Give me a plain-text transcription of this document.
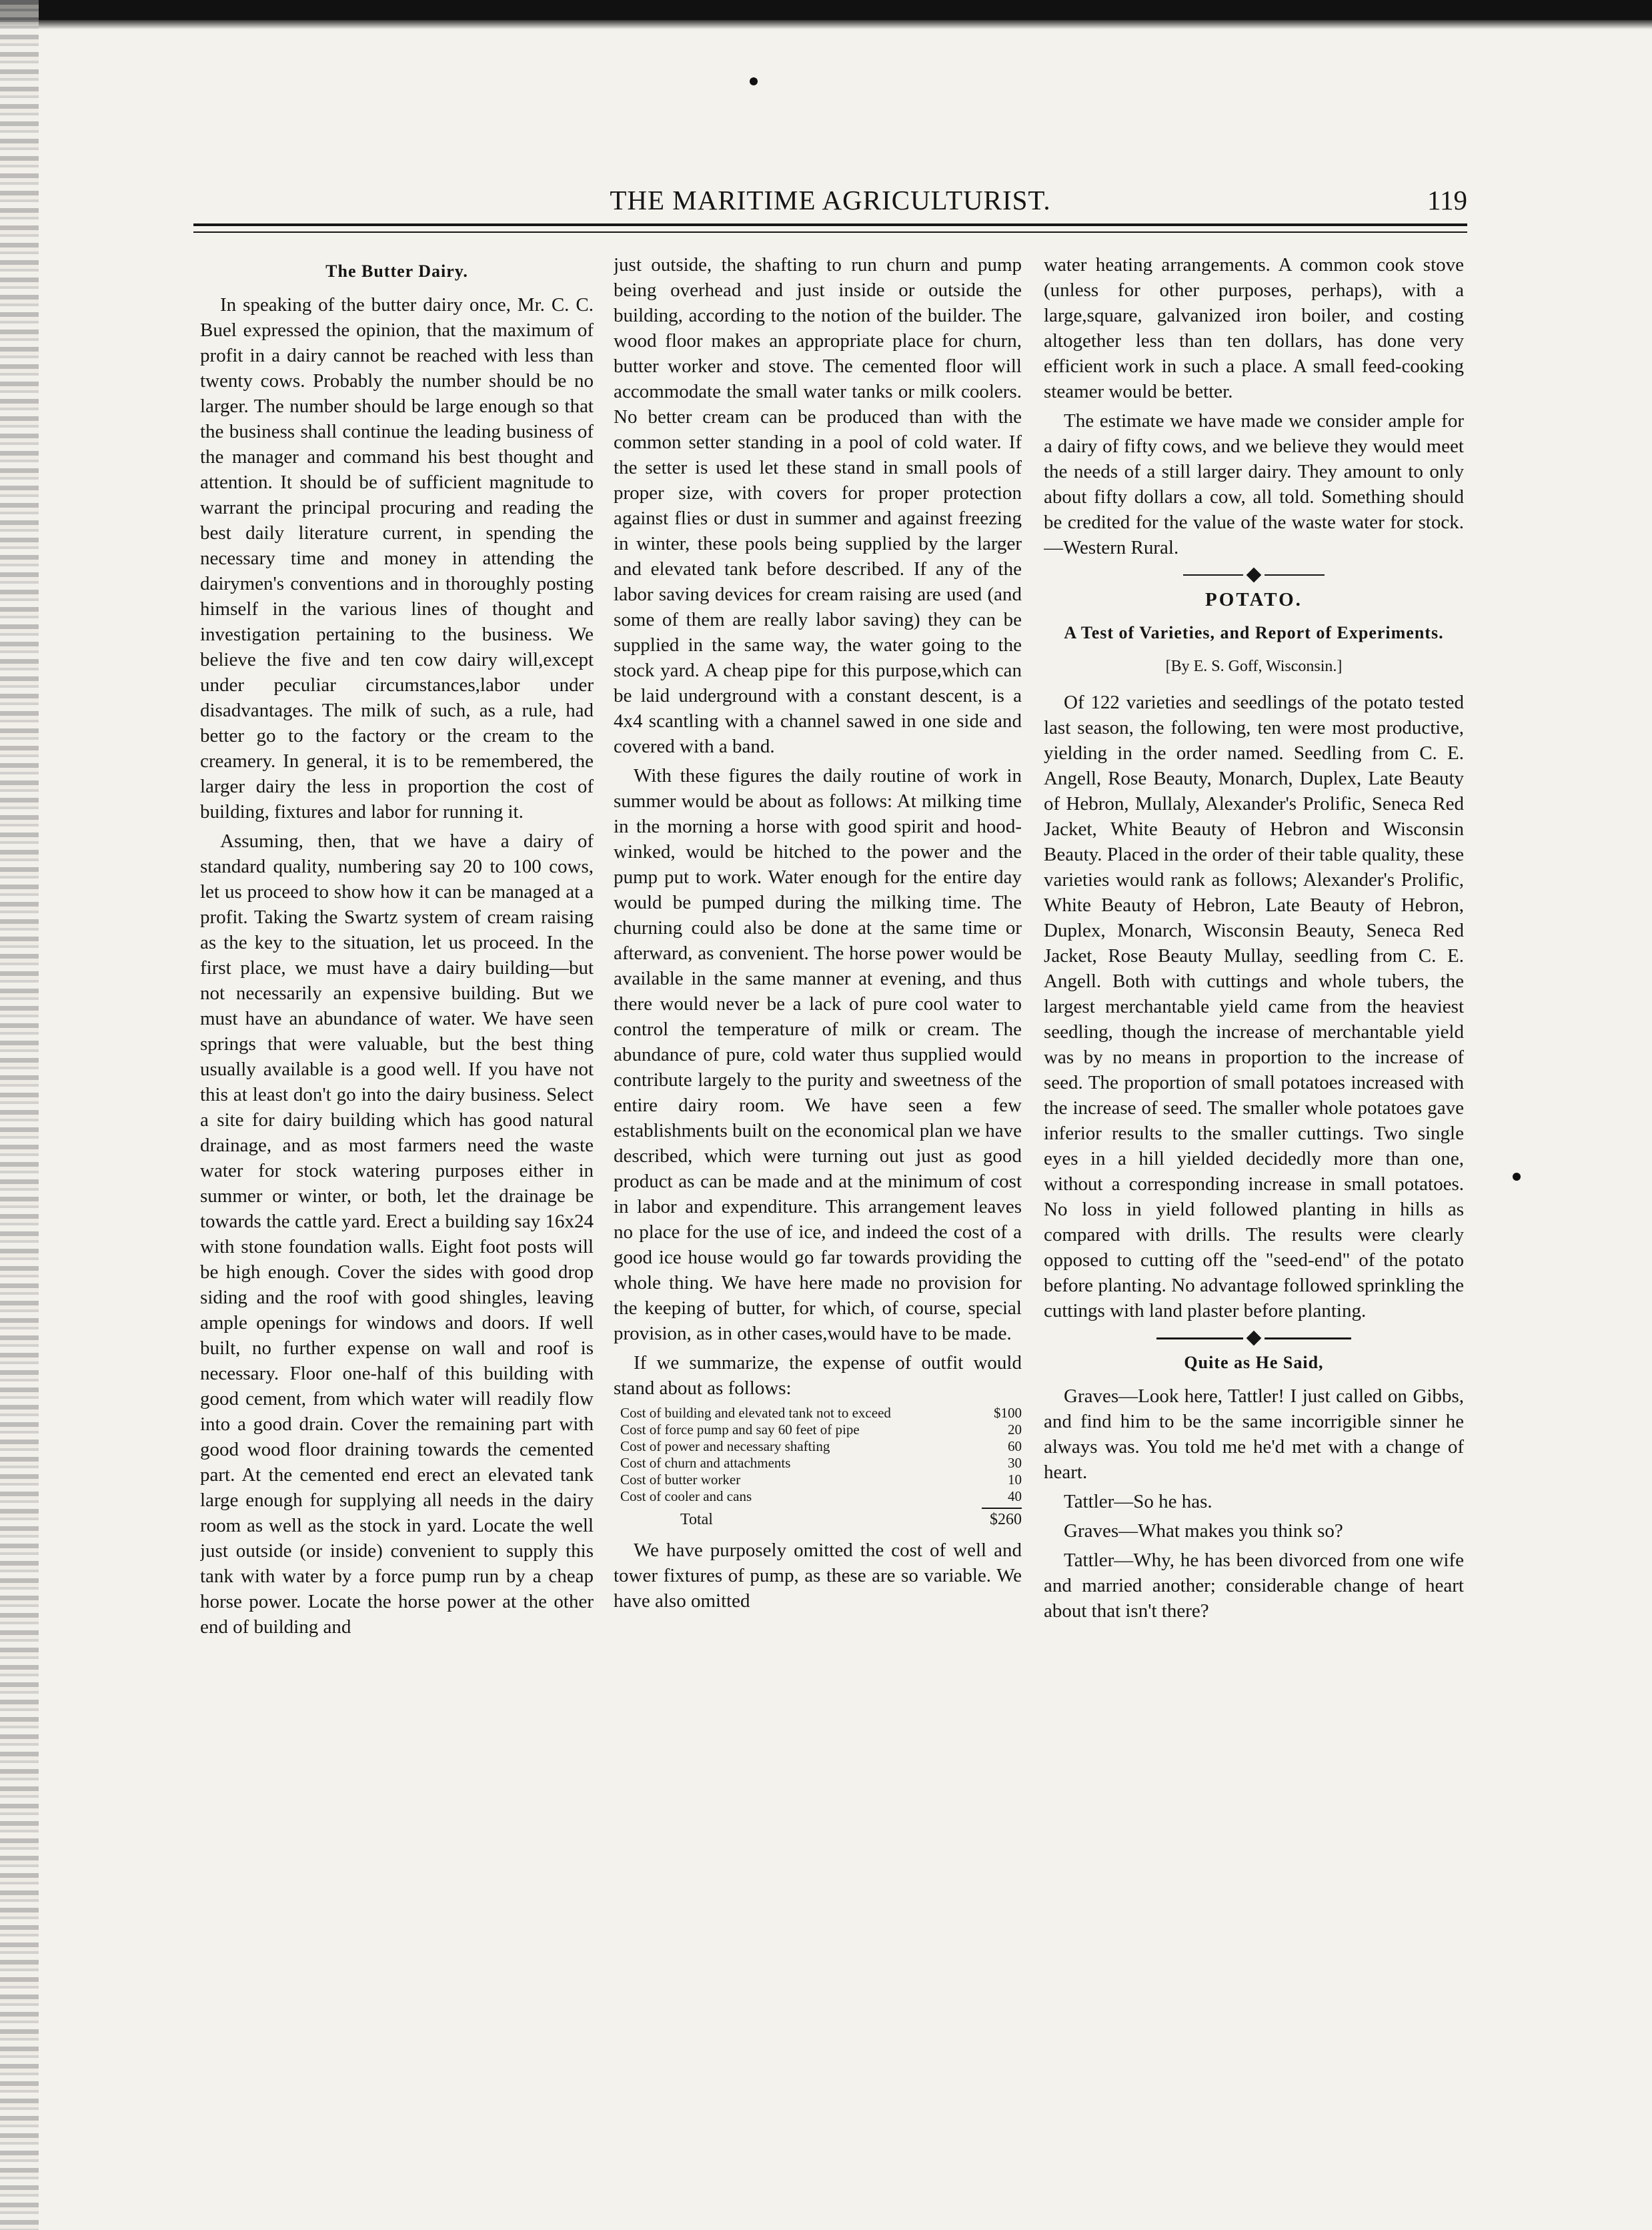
THE MARITIME AGRICULTURIST.	119
The Butter Dairy.

In speaking of the butter dairy once, Mr. C. C. Buel expressed the opinion, that the maximum of profit in a dairy cannot be reached with less than twenty cows. Probably the number should be no larger. The number should be large enough so that the business shall continue the leading business of the manager and command his best thought and attention. It should be of sufficient magnitude to warrant the principal procuring and reading the best daily literature current, in spending the necessary time and money in attending the dairymen's conventions and in thoroughly posting himself in the various lines of thought and investigation pertaining to the business. We believe the five and ten cow dairy will,except under peculiar circumstances,labor under disadvantages. The milk of such, as a rule, had better go to the factory or the cream to the creamery. In general, it is to be remembered, the larger dairy the less in proportion the cost of building, fixtures and labor for running it.

Assuming, then, that we have a dairy of standard quality, numbering say 20 to 100 cows, let us proceed to show how it can be managed at a profit. Taking the Swartz system of cream raising as the key to the situation, let us proceed. In the first place, we must have a dairy building—but not necessarily an expensive building. But we must have an abundance of water. We have seen springs that were valuable, but the best thing usually available is a good well. If you have not this at least don't go into the dairy business. Select a site for dairy building which has good natural drainage, and as most farmers need the waste water for stock watering purposes either in summer or winter, or both, let the drainage be towards the cattle yard. Erect a building say 16x24 with stone foundation walls. Eight foot posts will be high enough. Cover the sides with good drop siding and the roof with good shingles, leaving ample openings for windows and doors. If well built, no further expense on wall and roof is necessary. Floor one-half of this building with good cement, from which water will readily flow into a good drain. Cover the remaining part with good wood floor draining towards the cemented part. At the cemented end erect an elevated tank large enough for supplying all needs in the dairy room as well as the stock in yard. Locate the well just outside (or inside) convenient to supply this tank with water by a force pump run by a cheap horse power. Locate the horse power at the other end of building and

just outside, the shafting to run churn and pump being overhead and just inside or outside the building, according to the notion of the builder. The wood floor makes an appropriate place for churn, butter worker and stove. The cemented floor will accommodate the small water tanks or milk coolers. No better cream can be produced than with the common setter standing in a pool of cold water. If the setter is used let these stand in small pools of proper size, with covers for proper protection against flies or dust in summer and against freezing in winter, these pools being supplied by the larger and elevated tank before described. If any of the labor saving devices for cream raising are used (and some of them are really labor saving) they can be supplied in the same way, the water going to the stock yard. A cheap pipe for this purpose,which can be laid underground with a constant descent, is a 4x4 scantling with a channel sawed in one side and covered with a band.

With these figures the daily routine of work in summer would be about as follows: At milking time in the morning a horse with good spirit and hood-winked, would be hitched to the power and the pump put to work. Water enough for the entire day would be pumped during the milking time. The churning could also be done at the same time or afterward, as convenient. The horse power would be available in the same manner at evening, and thus there would never be a lack of pure cool water to control the temperature of milk or cream. The abundance of pure, cold water thus supplied would contribute largely to the purity and sweetness of the entire dairy room. We have seen a few establishments built on the economical plan we have described, which were turning out just as good product as can be made and at the minimum of cost in labor and expenditure. This arrangement leaves no place for the use of ice, and indeed the cost of a good ice house would go far towards providing the whole thing. We have here made no provision for the keeping of butter, for which, of course, special provision, as in other cases,would have to be made.

If we summarize, the expense of outfit would stand about as follows:

Cost of building and elevated tank not to exceed	$100
Cost of force pump and say 60 feet of pipe	20
Cost of power and necessary shafting	60
Cost of churn and attachments	30
Cost of butter worker	10
Cost of cooler and cans	40
Total	$260

We have purposely omitted the cost of well and tower fixtures of pump, as these are so variable. We have also omitted

water heating arrangements. A common cook stove (unless for other purposes, perhaps), with a large,square, galvanized iron boiler, and costing altogether less than ten dollars, has done very efficient work in such a place. A small feed-cooking steamer would be better.

The estimate we have made we consider ample for a dairy of fifty cows, and we believe they would meet the needs of a still larger dairy. They amount to only about fifty dollars a cow, all told. Something should be credited for the value of the waste water for stock.—Western Rural.

POTATO.
A Test of Varieties, and Report of Experiments.
[By E. S. Goff, Wisconsin.]

Of 122 varieties and seedlings of the potato tested last season, the following, ten were most productive, yielding in the order named. Seedling from C. E. Angell, Rose Beauty, Monarch, Duplex, Late Beauty of Hebron, Mullaly, Alexander's Prolific, Seneca Red Jacket, White Beauty of Hebron and Wisconsin Beauty. Placed in the order of their table quality, these varieties would rank as follows; Alexander's Prolific, White Beauty of Hebron, Late Beauty of Hebron, Duplex, Monarch, Wisconsin Beauty, Seneca Red Jacket, Rose Beauty Mullay, seedling from C. E. Angell. Both with cuttings and whole tubers, the largest merchantable yield came from the heaviest seedling, though the increase of merchantable yield was by no means in proportion to the increase of seed. The proportion of small potatoes increased with the increase of seed. The smaller whole potatoes gave inferior results to the smaller cuttings. Two single eyes in a hill yielded decidedly more than one, without a corresponding increase in small potatoes. No loss in yield followed planting in hills as compared with drills. The results were clearly opposed to cutting off the "seed-end" of the potato before planting. No advantage followed sprinkling the cuttings with land plaster before planting.

Quite as He Said,

Graves—Look here, Tattler! I just called on Gibbs, and find him to be the same incorrigible sinner he always was. You told me he'd met with a change of heart.

Tattler—So he has.

Graves—What makes you think so?

Tattler—Why, he has been divorced from one wife and married another; considerable change of heart about that isn't there?
